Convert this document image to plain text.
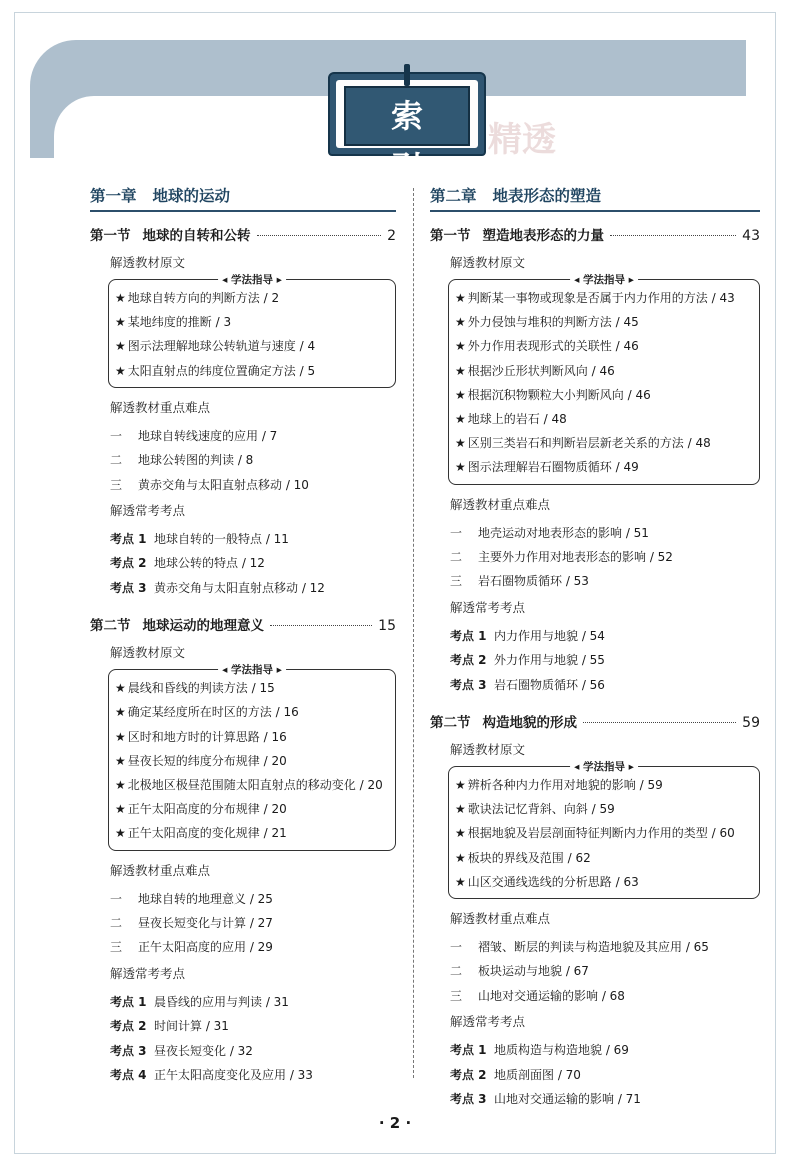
精透
索 引
第一章 地球的运动
第一节 地球的自转和公转	2
解透教材原文
◂ 学法指导 ▸
★ 地球自转方向的判断方法 / 2
★ 某地纬度的推断 / 3
★ 图示法理解地球公转轨道与速度 / 4
★ 太阳直射点的纬度位置确定方法 / 5
解透教材重点难点
一 地球自转线速度的应用 / 7
二 地球公转图的判读 / 8
三 黄赤交角与太阳直射点移动 / 10
解透常考考点
考点 1 地球自转的一般特点 / 11
考点 2 地球公转的特点 / 12
考点 3 黄赤交角与太阳直射点移动 / 12
第二节 地球运动的地理意义	15
解透教材原文
◂ 学法指导 ▸
★ 晨线和昏线的判读方法 / 15
★ 确定某经度所在时区的方法 / 16
★ 区时和地方时的计算思路 / 16
★ 昼夜长短的纬度分布规律 / 20
★ 北极地区极昼范围随太阳直射点的移动变化 / 20
★ 正午太阳高度的分布规律 / 20
★ 正午太阳高度的变化规律 / 21
解透教材重点难点
一 地球自转的地理意义 / 25
二 昼夜长短变化与计算 / 27
三 正午太阳高度的应用 / 29
解透常考考点
考点 1 晨昏线的应用与判读 / 31
考点 2 时间计算 / 31
考点 3 昼夜长短变化 / 32
考点 4 正午太阳高度变化及应用 / 33
第二章 地表形态的塑造
第一节 塑造地表形态的力量	43
解透教材原文
◂ 学法指导 ▸
★ 判断某一事物或现象是否属于内力作用的方法 / 43
★ 外力侵蚀与堆积的判断方法 / 45
★ 外力作用表现形式的关联性 / 46
★ 根据沙丘形状判断风向 / 46
★ 根据沉积物颗粒大小判断风向 / 46
★ 地球上的岩石 / 48
★ 区别三类岩石和判断岩层新老关系的方法 / 48
★ 图示法理解岩石圈物质循环 / 49
解透教材重点难点
一 地壳运动对地表形态的影响 / 51
二 主要外力作用对地表形态的影响 / 52
三 岩石圈物质循环 / 53
解透常考考点
考点 1 内力作用与地貌 / 54
考点 2 外力作用与地貌 / 55
考点 3 岩石圈物质循环 / 56
第二节 构造地貌的形成	59
解透教材原文
◂ 学法指导 ▸
★ 辨析各种内力作用对地貌的影响 / 59
★ 歌诀法记忆背斜、向斜 / 59
★ 根据地貌及岩层剖面特征判断内力作用的类型 / 60
★ 板块的界线及范围 / 62
★ 山区交通线选线的分析思路 / 63
解透教材重点难点
一 褶皱、断层的判读与构造地貌及其应用 / 65
二 板块运动与地貌 / 67
三 山地对交通运输的影响 / 68
解透常考考点
考点 1 地质构造与构造地貌 / 69
考点 2 地质剖面图 / 70
考点 3 山地对交通运输的影响 / 71
· 2 ·
